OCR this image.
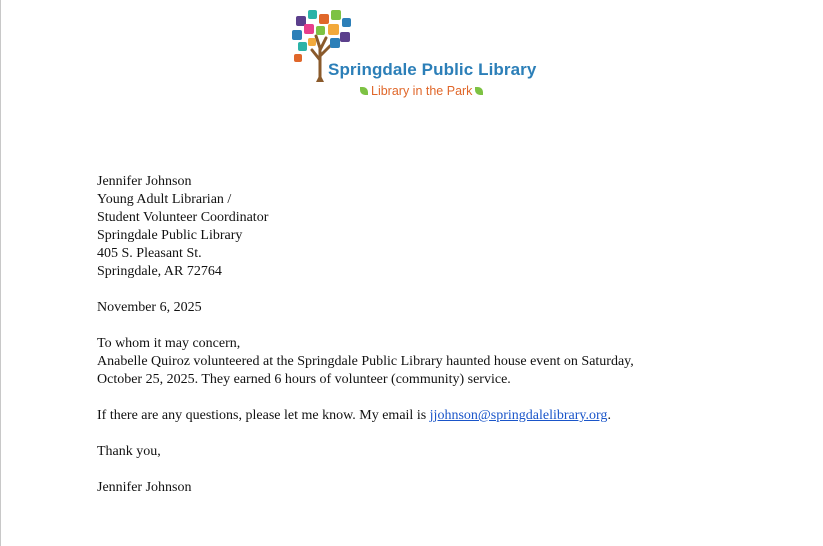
Springdale Public Library
Library in the Park
Jennifer Johnson
Young Adult Librarian /
Student Volunteer Coordinator
Springdale Public Library
405 S. Pleasant St.
Springdale, AR 72764
November 6, 2025
To whom it may concern,
Anabelle Quiroz volunteered at the Springdale Public Library haunted house event on Saturday,
October 25, 2025. They earned 6 hours of volunteer (community) service.
If there are any questions, please let me know. My email is jjohnson@springdalelibrary.org.
Thank you,
Jennifer Johnson
